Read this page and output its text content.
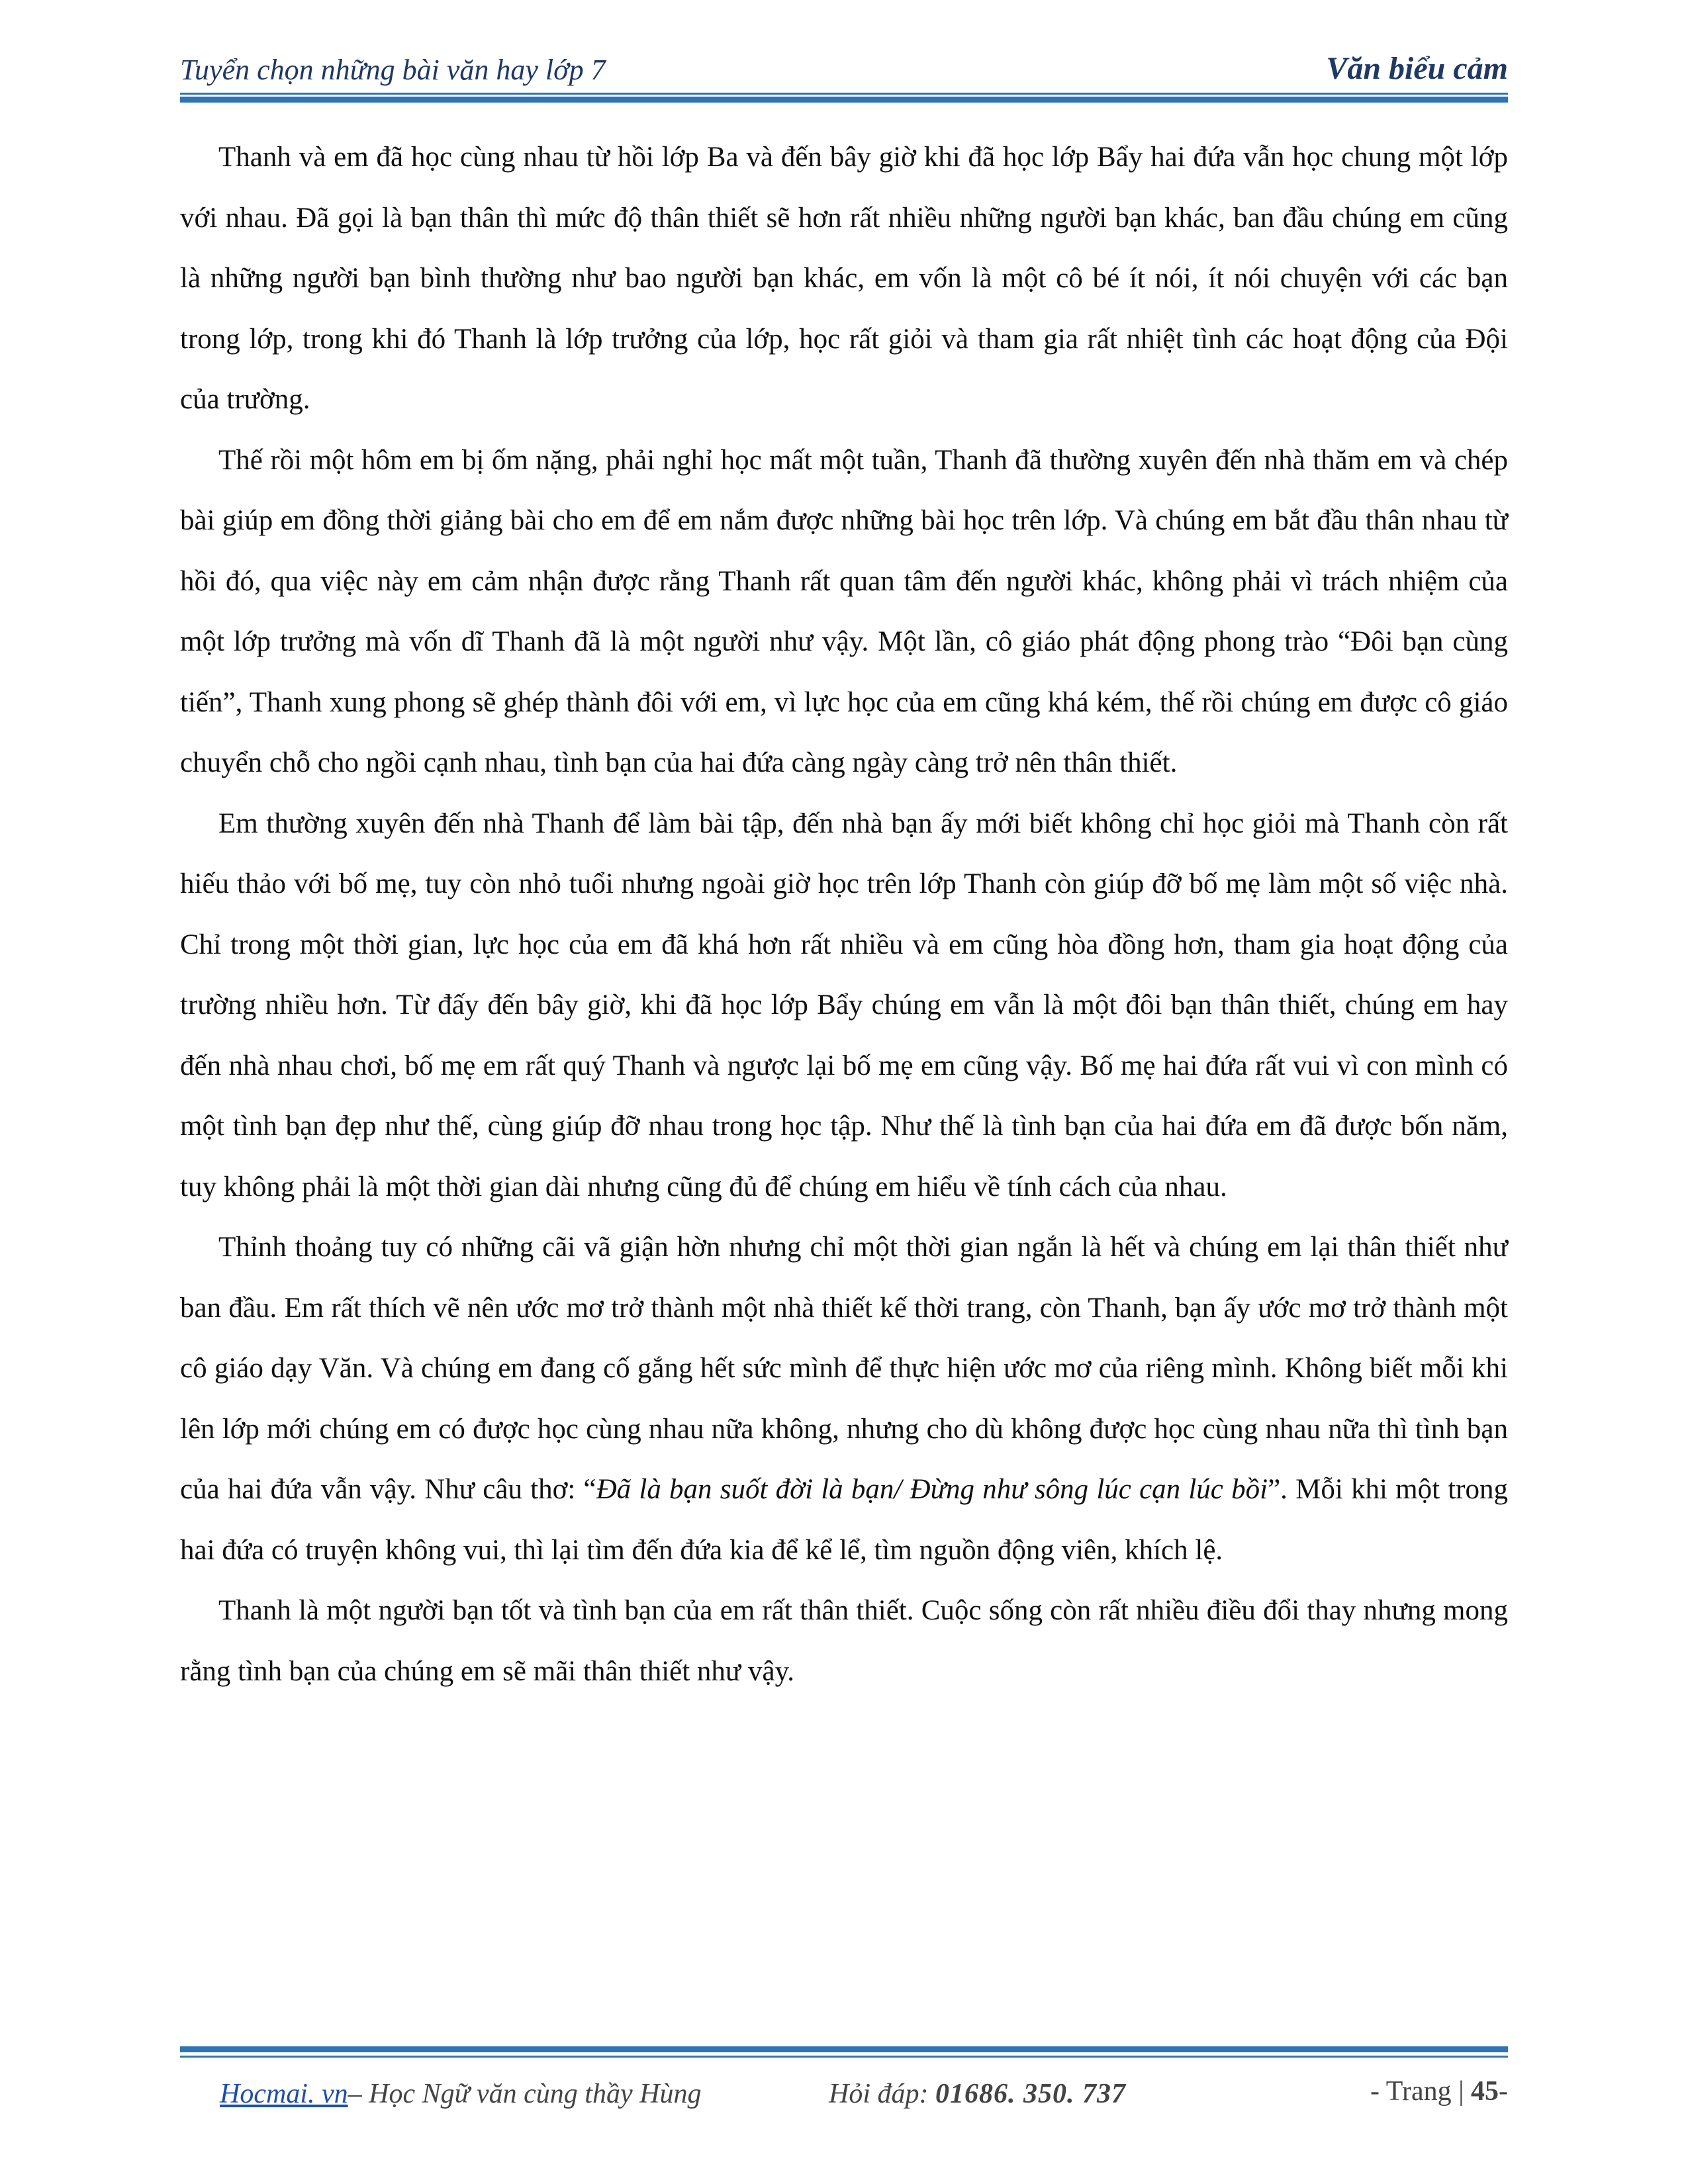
Tuyển chọn những bài văn hay lớp 7	Văn biểu cảm

Thanh và em đã học cùng nhau từ hồi lớp Ba và đến bây giờ khi đã học lớp Bẩy hai đứa vẫn học chung một lớp với nhau. Đã gọi là bạn thân thì mức độ thân thiết sẽ hơn rất nhiều những người bạn khác, ban đầu chúng em cũng là những người bạn bình thường như bao người bạn khác, em vốn là một cô bé ít nói, ít nói chuyện với các bạn trong lớp, trong khi đó Thanh là lớp trưởng của lớp, học rất giỏi và tham gia rất nhiệt tình các hoạt động của Đội của trường.

Thế rồi một hôm em bị ốm nặng, phải nghỉ học mất một tuần, Thanh đã thường xuyên đến nhà thăm em và chép bài giúp em đồng thời giảng bài cho em để em nắm được những bài học trên lớp. Và chúng em bắt đầu thân nhau từ hồi đó, qua việc này em cảm nhận được rằng Thanh rất quan tâm đến người khác, không phải vì trách nhiệm của một lớp trưởng mà vốn dĩ Thanh đã là một người như vậy. Một lần, cô giáo phát động phong trào “Đôi bạn cùng tiến”, Thanh xung phong sẽ ghép thành đôi với em, vì lực học của em cũng khá kém, thế rồi chúng em được cô giáo chuyển chỗ cho ngồi cạnh nhau, tình bạn của hai đứa càng ngày càng trở nên thân thiết.

Em thường xuyên đến nhà Thanh để làm bài tập, đến nhà bạn ấy mới biết không chỉ học giỏi mà Thanh còn rất hiếu thảo với bố mẹ, tuy còn nhỏ tuổi nhưng ngoài giờ học trên lớp Thanh còn giúp đỡ bố mẹ làm một số việc nhà. Chỉ trong một thời gian, lực học của em đã khá hơn rất nhiều và em cũng hòa đồng hơn, tham gia hoạt động của trường nhiều hơn. Từ đấy đến bây giờ, khi đã học lớp Bẩy chúng em vẫn là một đôi bạn thân thiết, chúng em hay đến nhà nhau chơi, bố mẹ em rất quý Thanh và ngược lại bố mẹ em cũng vậy. Bố mẹ hai đứa rất vui vì con mình có một tình bạn đẹp như thế, cùng giúp đỡ nhau trong học tập. Như thế là tình bạn của hai đứa em đã được bốn năm, tuy không phải là một thời gian dài nhưng cũng đủ để chúng em hiểu về tính cách của nhau.

Thỉnh thoảng tuy có những cãi vã giận hờn nhưng chỉ một thời gian ngắn là hết và chúng em lại thân thiết như ban đầu. Em rất thích vẽ nên ước mơ trở thành một nhà thiết kế thời trang, còn Thanh, bạn ấy ước mơ trở thành một cô giáo dạy Văn. Và chúng em đang cố gắng hết sức mình để thực hiện ước mơ của riêng mình. Không biết mỗi khi lên lớp mới chúng em có được học cùng nhau nữa không, nhưng cho dù không được học cùng nhau nữa thì tình bạn của hai đứa vẫn vậy. Như câu thơ: “Đã là bạn suốt đời là bạn/ Đừng như sông lúc cạn lúc bồi”. Mỗi khi một trong hai đứa có truyện không vui, thì lại tìm đến đứa kia để kể lể, tìm nguồn động viên, khích lệ.

Thanh là một người bạn tốt và tình bạn của em rất thân thiết. Cuộc sống còn rất nhiều điều đổi thay nhưng mong rằng tình bạn của chúng em sẽ mãi thân thiết như vậy.

Hocmai. vn– Học Ngữ văn cùng thầy Hùng	Hỏi đáp: 01686. 350. 737	- Trang | 45-
